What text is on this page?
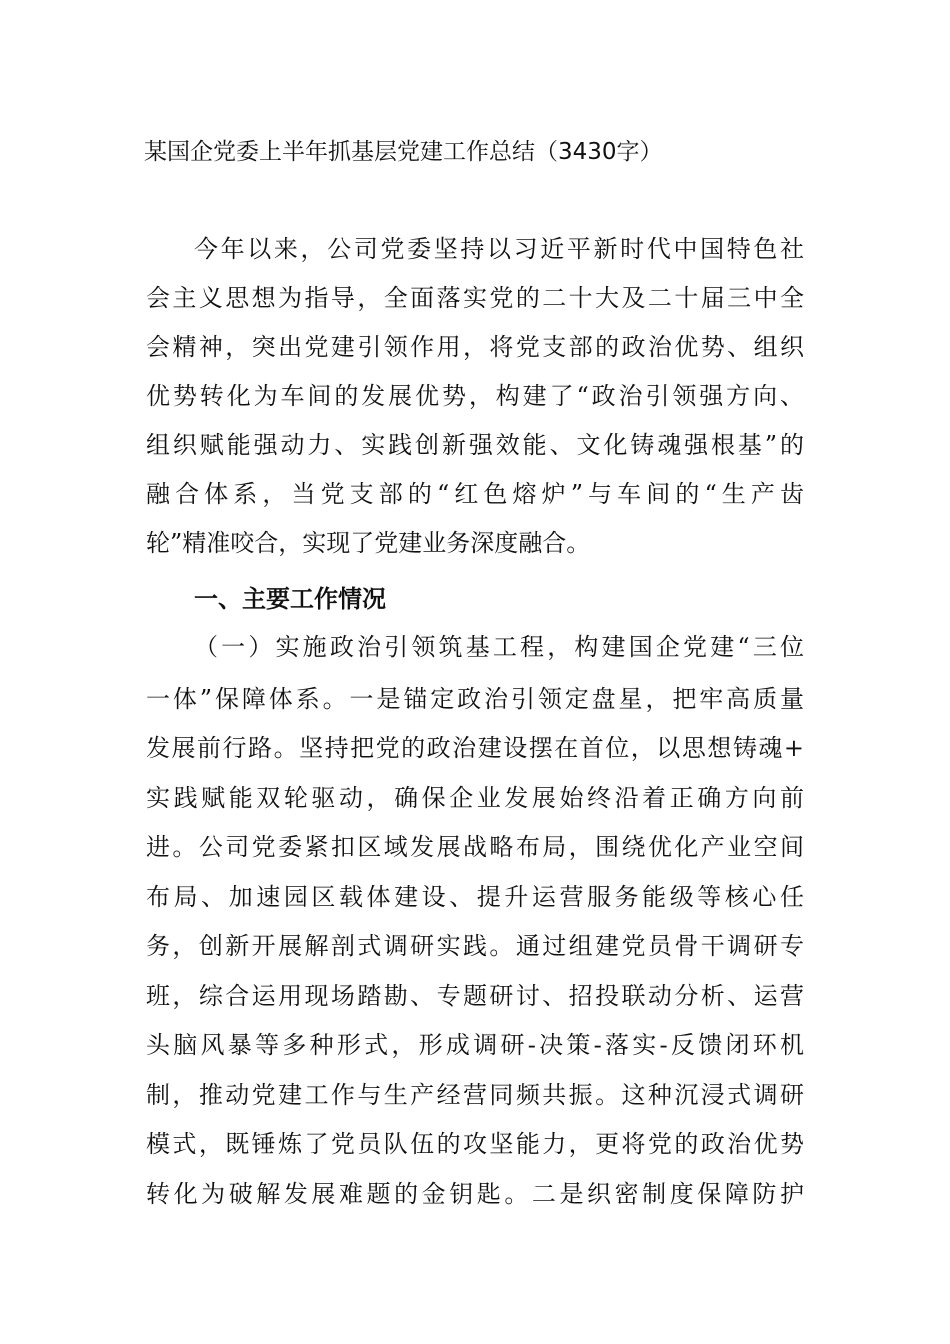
某国企党委上半年抓基层党建工作总结（3430字）
今年以来，公司党委坚持以习近平新时代中国特色社
会主义思想为指导，全面落实党的二十大及二十届三中全
会精神，突出党建引领作用，将党支部的政治优势、组织
优势转化为车间的发展优势，构建了“政治引领强方向、
组织赋能强动力、实践创新强效能、文化铸魂强根基”的
融合体系，当党支部的“红色熔炉”与车间的“生产齿
轮”精准咬合，实现了党建业务深度融合。
一、主要工作情况
（一）实施政治引领筑基工程，构建国企党建“三位
一体”保障体系。一是锚定政治引领定盘星，把牢高质量
发展前行路。坚持把党的政治建设摆在首位，以思想铸魂+
实践赋能双轮驱动，确保企业发展始终沿着正确方向前
进。公司党委紧扣区域发展战略布局，围绕优化产业空间
布局、加速园区载体建设、提升运营服务能级等核心任
务，创新开展解剖式调研实践。通过组建党员骨干调研专
班，综合运用现场踏勘、专题研讨、招投联动分析、运营
头脑风暴等多种形式，形成调研-决策-落实-反馈闭环机
制，推动党建工作与生产经营同频共振。这种沉浸式调研
模式，既锤炼了党员队伍的攻坚能力，更将党的政治优势
转化为破解发展难题的金钥匙。二是织密制度保障防护
